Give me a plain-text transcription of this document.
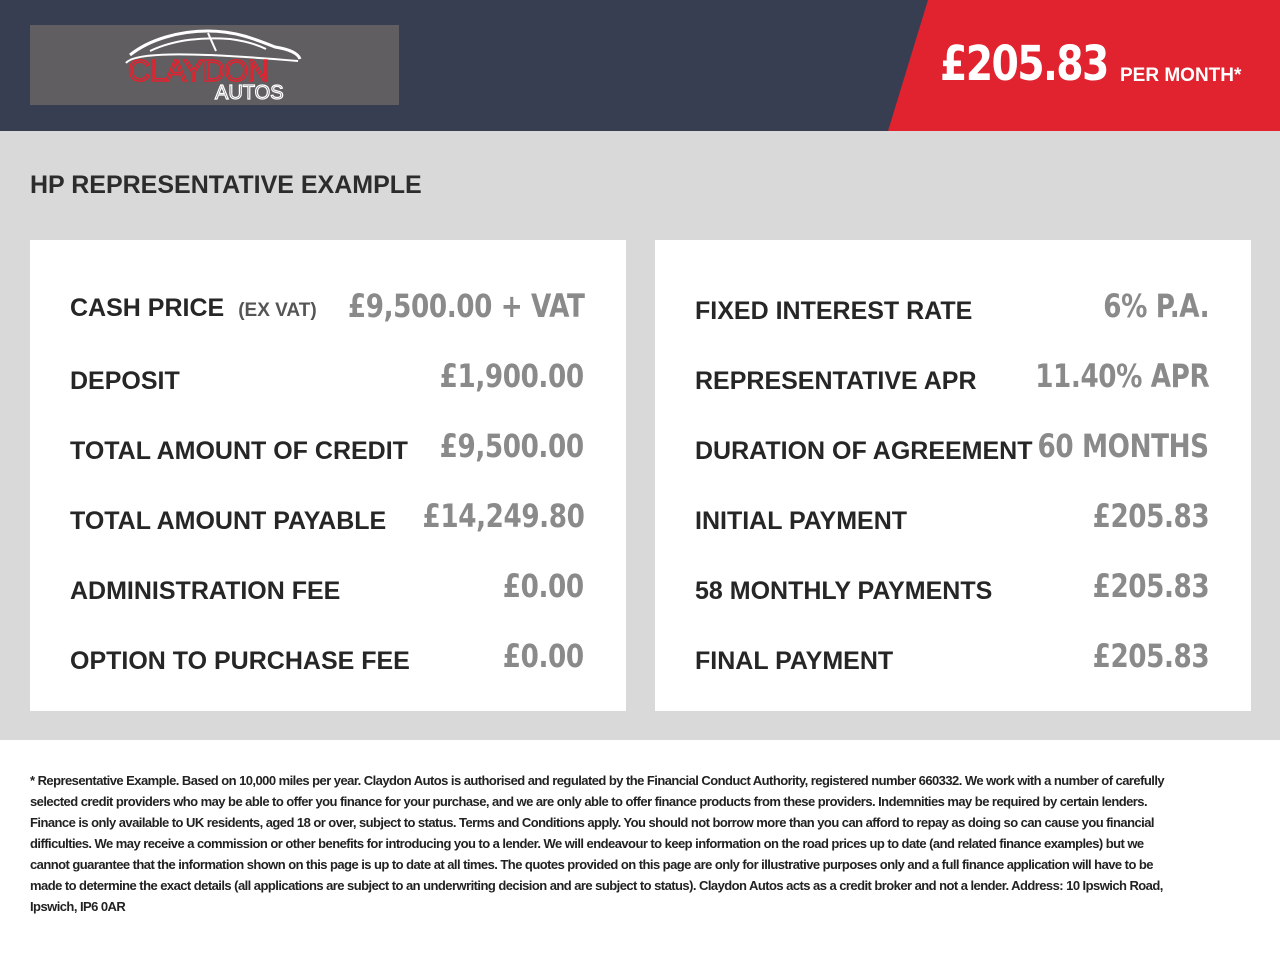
CLAYDON
AUTOS
£205.83 PER MONTH*
HP REPRESENTATIVE EXAMPLE
CASH PRICE (EX VAT) £9,500.00 + VAT
DEPOSIT	£1,900.00
TOTAL AMOUNT OF CREDIT £9,500.00
TOTAL AMOUNT PAYABLE £14,249.80
ADMINISTRATION FEE	£0.00
OPTION TO PURCHASE FEE	£0.00
FIXED INTEREST RATE	6% P.A.
REPRESENTATIVE APR 11.40% APR
DURATION OF AGREEMENT 60 MONTHS
INITIAL PAYMENT	£205.83
58 MONTHLY PAYMENTS	£205.83
FINAL PAYMENT	£205.83
* Representative Example. Based on 10,000 miles per year. Claydon Autos is authorised and regulated by the Financial Conduct Authority, registered number 660332. We work with a number of carefully selected credit providers who may be able to offer you finance for your purchase, and we are only able to offer finance products from these providers. Indemnities may be required by certain lenders. Finance is only available to UK residents, aged 18 or over, subject to status. Terms and Conditions apply. You should not borrow more than you can afford to repay as doing so can cause you financial difficulties. We may receive a commission or other benefits for introducing you to a lender. We will endeavour to keep information on the road prices up to date (and related finance examples) but we cannot guarantee that the information shown on this page is up to date at all times. The quotes provided on this page are only for illustrative purposes only and a full finance application will have to be made to determine the exact details (all applications are subject to an underwriting decision and are subject to status). Claydon Autos acts as a credit broker and not a lender. Address: 10 Ipswich Road, Ipswich, IP6 0AR
